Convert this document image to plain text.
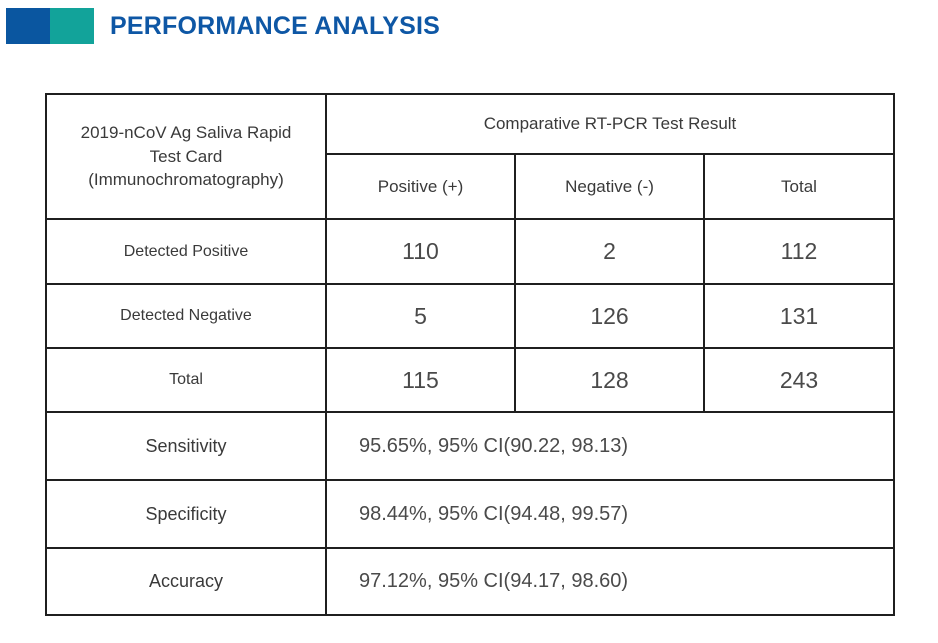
PERFORMANCE ANALYSIS
2019-nCoV Ag Saliva Rapid Test Card (Immunochromatography)	Comparative RT-PCR Test Result		
	Positive (+)	Negative (-)	Total
Detected Positive	110	2	112
Detected Negative	5	126	131
Total	115	128	243
Sensitivity	95.65%, 95% CI(90.22, 98.13)		
Specificity	98.44%, 95% CI(94.48, 99.57)		
Accuracy	97.12%, 95% CI(94.17, 98.60)		
